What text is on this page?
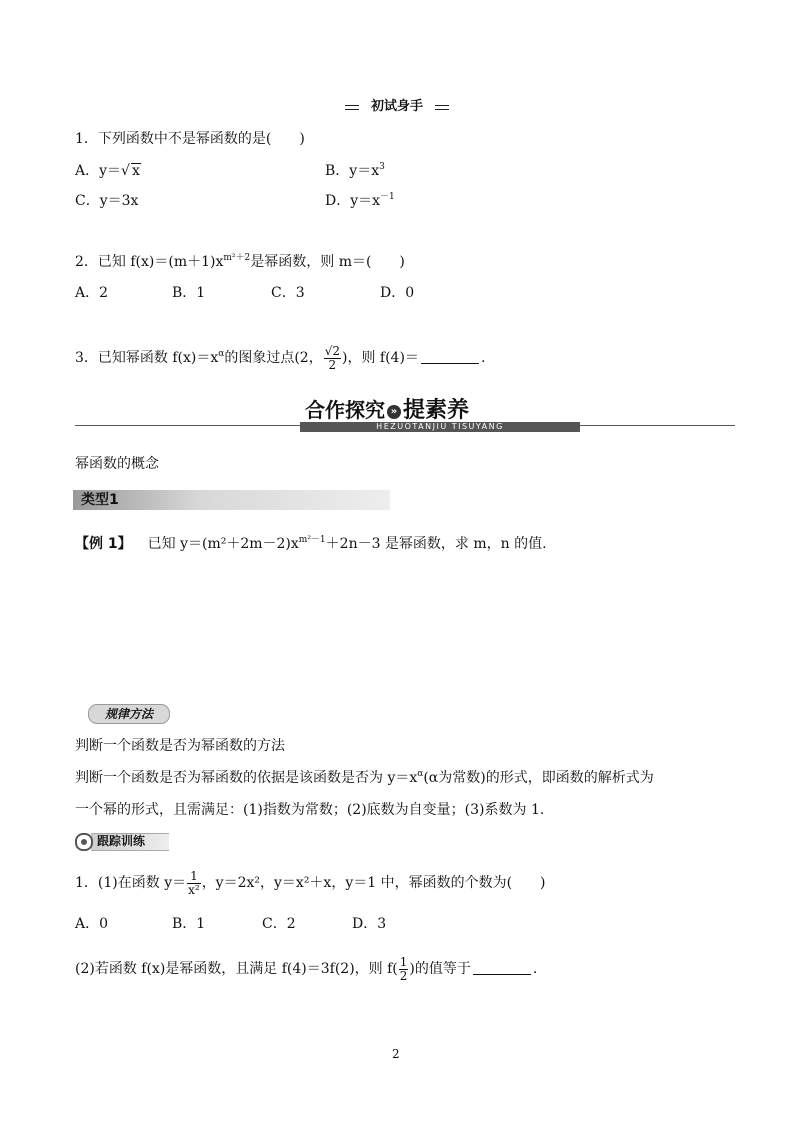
初试身手
1．下列函数中不是幂函数的是(　　)
A．y＝√ x	B．$y=x^3$
C．y＝3x	D．$y=x^{-1}$
2．已知 $f(x)=(m+1)x^{m^2+2}$是幂函数，则 m＝(　　)
A．2	B．1	C．3	D．0
3．已知幂函数 $f(x)=x^\alpha$的图象过点(2， $\frac{√2}{2}$ )，则 f(4)＝	.
HEZUOTANJIU TISUYANG
合作探究 » 提素养
幂函数的概念
类型1
【例 1】 已知 $y=(m^2+2m-2)x^{m^2-1}+2n-3$ 是幂函数，求 m，n 的值.
规律方法
判断一个函数是否为幂函数的方法
判断一个函数是否为幂函数的依据是该函数是否为 $y=x^\alpha(\alpha$为常数)的形式，即函数的解析式为
一个幂的形式，且需满足：(1)指数为常数；(2)底数为自变量；(3)系数为 1.
跟踪训练
1．(1)在函数 $y= \frac{1}{\text{x²}}$ ，y＝2x²，y＝x²＋x，y＝1 中，幂函数的个数为(　　)
A．0	B．1	C．2	D．3
(2)若函数 f(x)是幂函数，且满足 f(4)＝3f(2)，则 $f( \frac{1}{2}$ )的值等于	.
2
